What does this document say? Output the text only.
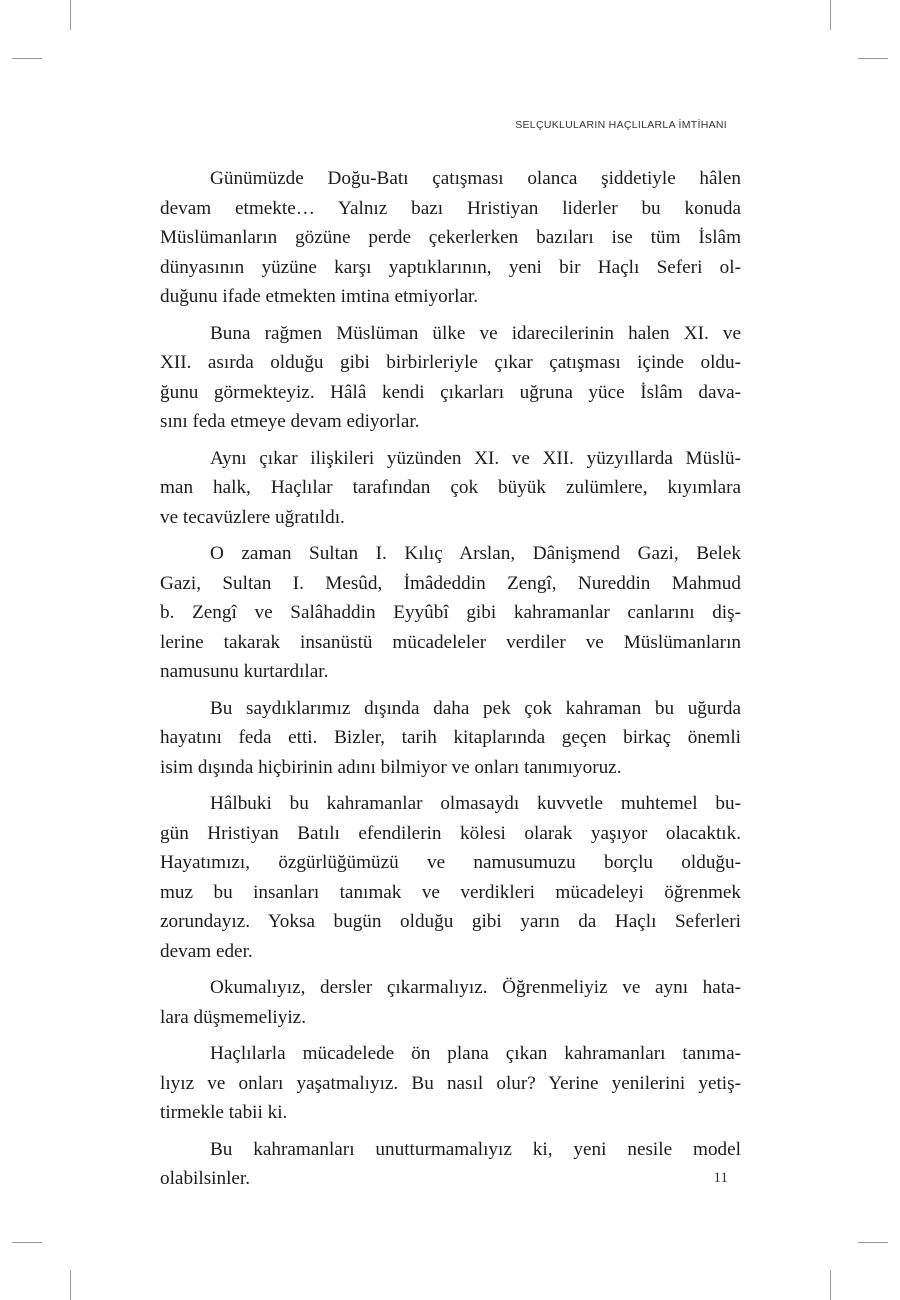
SELÇUKLULARIN HAÇLILARLA İMTİHANI

Günümüzde Doğu-Batı çatışması olanca şiddetiyle hâlen
devam etmekte… Yalnız bazı Hristiyan liderler bu konuda
Müslümanların gözüne perde çekerlerken bazıları ise tüm İslâm
dünyasının yüzüne karşı yaptıklarının, yeni bir Haçlı Seferi ol-
duğunu ifade etmekten imtina etmiyorlar.

Buna rağmen Müslüman ülke ve idarecilerinin halen XI. ve
XII. asırda olduğu gibi birbirleriyle çıkar çatışması içinde oldu-
ğunu görmekteyiz. Hâlâ kendi çıkarları uğruna yüce İslâm dava-
sını feda etmeye devam ediyorlar.

Aynı çıkar ilişkileri yüzünden XI. ve XII. yüzyıllarda Müslü-
man halk, Haçlılar tarafından çok büyük zulümlere, kıyımlara
ve tecavüzlere uğratıldı.

O zaman Sultan I. Kılıç Arslan, Dânişmend Gazi, Belek
Gazi, Sultan I. Mesûd, İmâdeddin Zengî, Nureddin Mahmud
b. Zengî ve Salâhaddin Eyyûbî gibi kahramanlar canlarını diş-
lerine takarak insanüstü mücadeleler verdiler ve Müslümanların
namusunu kurtardılar.

Bu saydıklarımız dışında daha pek çok kahraman bu uğurda
hayatını feda etti. Bizler, tarih kitaplarında geçen birkaç önemli
isim dışında hiçbirinin adını bilmiyor ve onları tanımıyoruz.

Hâlbuki bu kahramanlar olmasaydı kuvvetle muhtemel bu-
gün Hristiyan Batılı efendilerin kölesi olarak yaşıyor olacaktık.
Hayatımızı, özgürlüğümüzü ve namusumuzu borçlu olduğu-
muz bu insanları tanımak ve verdikleri mücadeleyi öğrenmek
zorundayız. Yoksa bugün olduğu gibi yarın da Haçlı Seferleri
devam eder.

Okumalıyız, dersler çıkarmalıyız. Öğrenmeliyiz ve aynı hata-
lara düşmemeliyiz.

Haçlılarla mücadelede ön plana çıkan kahramanları tanıma-
lıyız ve onları yaşatmalıyız. Bu nasıl olur? Yerine yenilerini yetiş-
tirmekle tabii ki.

Bu kahramanları unutturmamalıyız ki, yeni nesile model
olabilsinler.	11
